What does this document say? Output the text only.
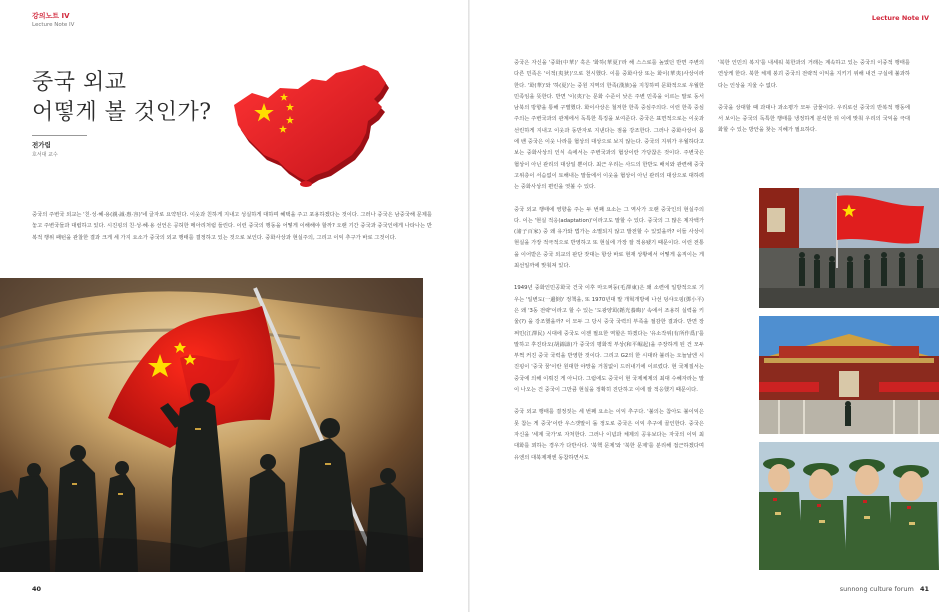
강의노트 IV
Lecture Note IV
중국 외교
어떻게 볼 것인가?
전가림
호서대 교수

중국의 주변국 외교는 '친·성·혜·용(親·誠·惠·容)'네 글자로 요약된다. 이웃과 친하게 지내고 성실하게 대하며 혜택을 주고 포용하겠다는 것이다. 그러나 중국은 남중국해 문제를 놓고 주변국들과 대립하고 있다. 시진핑의 친·성·혜·용 선언은 공허한 메아리처럼 들린다. 이런 중국의 행동을 어떻게 이해해야 할까? 오랜 기간 중국과 중국인에게 나타나는 반복적 행위 패턴을 관찰한 결과 크게 세 가지 요소가 중국의 외교 행태를 결정하고 있는 것으로 보인다. 중화사상과 현실주의, 그리고 이익 추구가 바로 그것이다.

40
Lecture Note IV

중국은 자신을 '중화(中華)' 혹은 '화하(華夏)'라 해 스스로를 높였던 반면 주변의 다른 민족은 '이적(夷狄)'으로 천시했다. 이를 중화사상 또는 화이(華夷)사상이라 한다. '화(華)'와 '하(夏)'는 중원 지역의 한족(漢族)을 지칭하며 문화적으로 우월한 민족임을 뜻한다. 반면 '이(夷)'는 문화 수준이 낮은 주변 민족을 이르는 말로 동서남북의 방향을 통해 구별했다. 화이사상은 철저한 한족 중심주의다. 이런 한족 중심주의는 주변국과의 관계에서 독특한 특징을 보여준다. 중국은 표면적으로는 이웃과 선린하게 지내고 이웃과 동반자로 지낸다는 점을 강조한다. 그러나 중화사상이 몸에 밴 중국은 이웃 나라를 협상의 대상으로 보지 않는다. 중국의 지위가 우월하다고 보는 중화사상의 인식 속에서는 주변국과의 협상이란 가당찮은 것이다. 주변국은 협상이 아닌 관리의 대상일 뿐이다. 최근 우리는 사드의 한반도 배치와 관련해 중국 고위층이 서슴없이 토해내는 말들에서 이웃을 협상이 아닌 관리의 대상으로 대하려는 중화사상의 편린을 엿볼 수 있다.

중국 외교 행태에 영향을 주는 두 번째 요소는 그 역사가 오랜 중국인의 현실주의다. 이는 '현실 적응(adaptation)'이라고도 말할 수 있다. 중국의 그 많은 제자백가(諸子百家) 중 왜 유가와 법가는 소멸되지 않고 발전할 수 있었을까? 이들 사상이 현실을 가장 적극적으로 반영하고 또 현실에 가장 잘 적용됐기 때문이다. 이런 전통을 이어받은 중국 외교의 판단 잣대는 항상 바로 현재 상황에서 어떻게 움직이는 게 최선일까에 맞춰져 있다.

1949년 중화인민공화국 건국 이후 마오쩌둥(毛澤東)은 왜 소련에 일방적으로 기우는 '일변도(一邊倒)' 정책을, 또 1970년대 말 개혁개방에 나선 덩샤오핑(鄧小平)은 왜 '3동 전략'이라고 할 수 있는 '도광양회(韜光養晦)' 속에서 조용히 실력을 키울(?) 을 강조했을까? 이 모두 그 당시 중국 국력의 부족을 절감한 결과다. 반면 장쩌민(江澤民) 시대에 중국도 이젠 필요한 역할은 하겠다는 '유소작위(有所作爲)'를 말하고 후진타오(胡錦濤)가 중국의 평화적 부상(和平崛起)을 주장하게 된 건 모두 부쩍 커진 중국 국력을 반영한 것이다. 그리고 G2의 한 시대라 불리는 오늘날엔 시진핑이 '중국 꿈'이란 원대한 야망을 거침없이 드러내기에 이르렀다. 현 국제질서는 중국에 의해 이뤄진 게 아니다. 그럼에도 중국이 현 국제체제의 최대 수혜자라는 말이 나오는 건 중국이 그만큼 현실을 정확히 진단하고 이에 잘 적응했기 때문이다.

중국 외교 행태를 결정짓는 세 번째 요소는 이익 추구다. '불의는 참아도 불이익은 못 참는 게 중국'이란 우스갯말이 돌 정도로 중국은 이익 추구에 골인한다. 중국은 자신을 '세계 국가'로 자처한다. 그러나 이념과 체제의 공유보다는 자국의 이익 최대화를 꾀하는 경우가 다반사다. '북핵 문제'와 '북한 문제'를 분리해 접근하겠다며 유엔의 대북제재엔 동참하면서도

'북한 인민의 복지'를 내세워 북한과의 거래는 계속하고 있는 중국의 이중적 행태를 연상케 한다. 북한 체제 붕괴 중국의 전략적 이익을 지키기 위해 내건 구실에 불과하다는 인상을 지울 수 없다.

중국을 상대할 때 과대나 과소평가 모두 금물이다. 우리로선 중국의 반복적 행동에서 보이는 중국의 독특한 행태를 냉정하게 분석한 뒤 이에 맞춰 우리의 국익을 극대화할 수 있는 방안을 찾는 지혜가 필요하다.

sunnong culture forum 41
